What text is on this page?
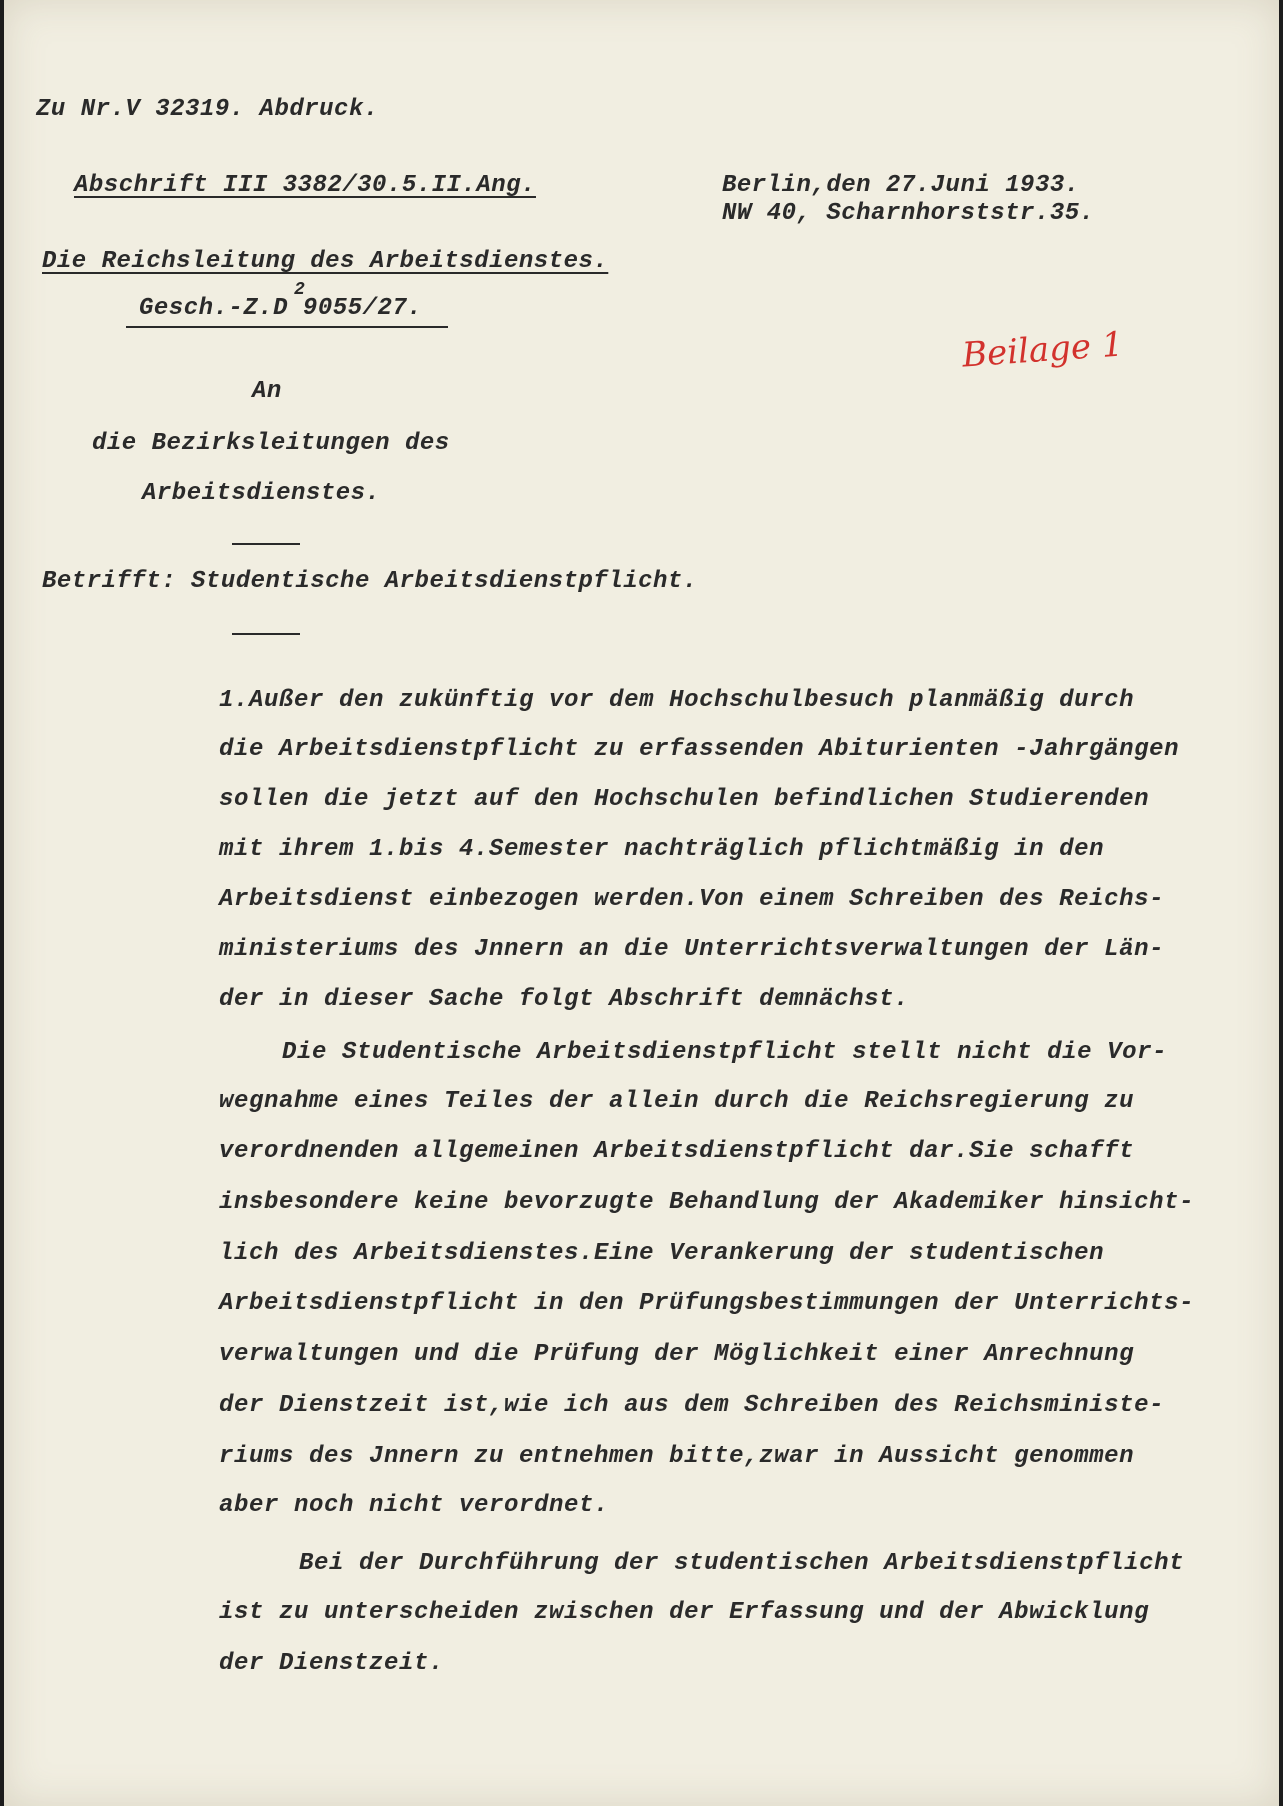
Beilage 1
Zu Nr.V 32319. Abdruck.
Abschrift III 3382/30.5.II.Ang.	Berlin,den 27.Juni 1933.
NW 40, Scharnhorststr.35.
Die Reichsleitung des Arbeitsdienstes.
Gesch.-Z.D 9055/27.
2
An
die Bezirksleitungen des
Arbeitsdienstes.
Betrifft: Studentische Arbeitsdienstpflicht.
1.Außer den zukünftig vor dem Hochschulbesuch planmäßig durch
die Arbeitsdienstpflicht zu erfassenden Abiturienten -Jahrgängen
sollen die jetzt auf den Hochschulen befindlichen Studierenden
mit ihrem 1.bis 4.Semester nachträglich pflichtmäßig in den
Arbeitsdienst einbezogen werden.Von einem Schreiben des Reichs-
ministeriums des Jnnern an die Unterrichtsverwaltungen der Län-
der in dieser Sache folgt Abschrift demnächst.
Die Studentische Arbeitsdienstpflicht stellt nicht die Vor-
wegnahme eines Teiles der allein durch die Reichsregierung zu
verordnenden allgemeinen Arbeitsdienstpflicht dar.Sie schafft
insbesondere keine bevorzugte Behandlung der Akademiker hinsicht-
lich des Arbeitsdienstes.Eine Verankerung der studentischen
Arbeitsdienstpflicht in den Prüfungsbestimmungen der Unterrichts-
verwaltungen und die Prüfung der Möglichkeit einer Anrechnung
der Dienstzeit ist,wie ich aus dem Schreiben des Reichsministe-
riums des Jnnern zu entnehmen bitte,zwar in Aussicht genommen
aber noch nicht verordnet.
Bei der Durchführung der studentischen Arbeitsdienstpflicht
ist zu unterscheiden zwischen der Erfassung und der Abwicklung
der Dienstzeit.
